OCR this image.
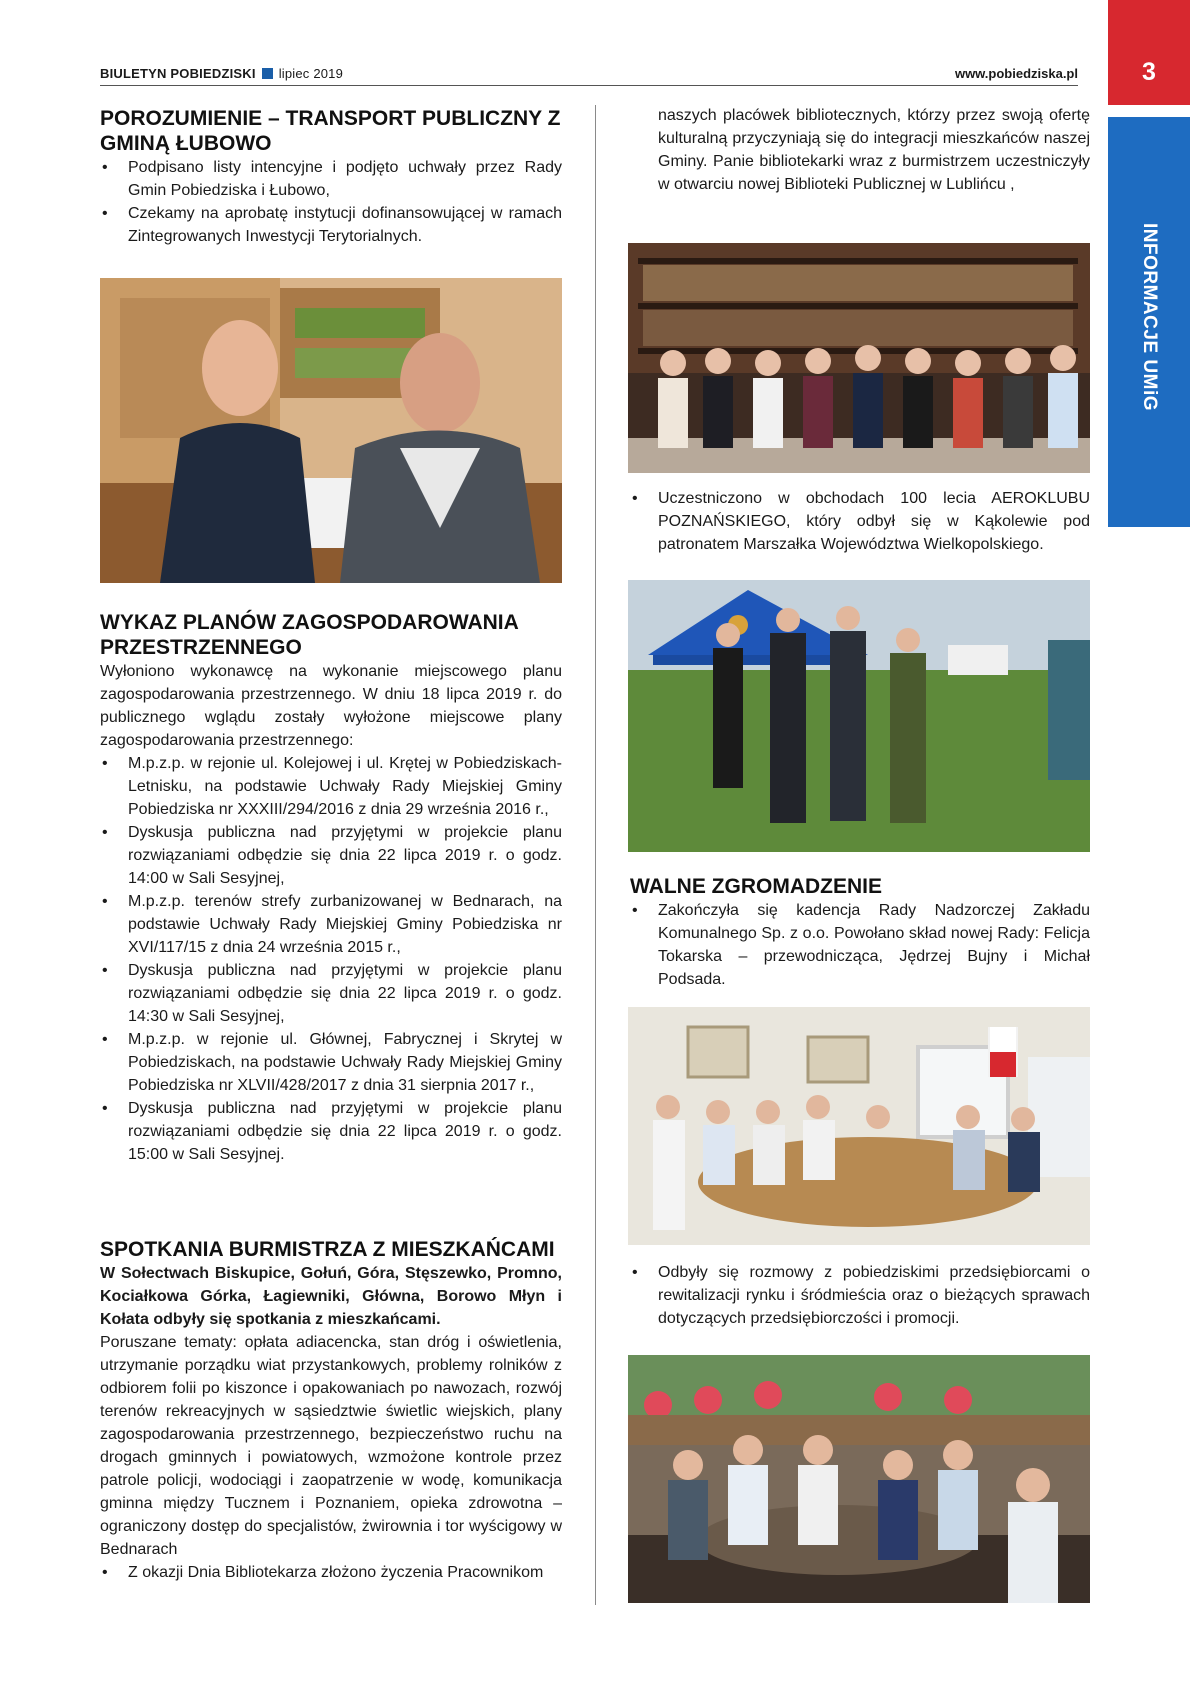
BIULETYN POBIEDZISKI lipiec 2019	www.pobiedziska.pl	3
INFORMACJE UMiG
POROZUMIENIE – TRANSPORT PUBLICZNY Z GMINĄ ŁUBOWO
• Podpisano listy intencyjne i podjęto uchwały przez Rady Gmin Pobiedziska i Łubowo,
• Czekamy na aprobatę instytucji dofinansowującej w ramach Zintegrowanych Inwestycji Terytorialnych.
WYKAZ PLANÓW ZAGOSPODAROWANIA PRZESTRZENNEGO

Wyłoniono wykonawcę na wykonanie miejscowego planu zagospodarowania przestrzennego. W dniu 18 lipca 2019 r. do publicznego wglądu zostały wyłożone miejscowe plany zagospodarowania przestrzennego:

• M.p.z.p. w rejonie ul. Kolejowej i ul. Krętej w Pobiedziskach-Letnisku, na podstawie Uchwały Rady Miejskiej Gminy Pobiedziska nr XXXIII/294/2016 z dnia 29 września 2016 r.,
• Dyskusja publiczna nad przyjętymi w projekcie planu rozwiązaniami odbędzie się dnia 22 lipca 2019 r. o godz. 14:00 w Sali Sesyjnej,
• M.p.z.p. terenów strefy zurbanizowanej w Bednarach, na podstawie Uchwały Rady Miejskiej Gminy Pobiedziska nr XVI/117/15 z dnia 24 września 2015 r.,
• Dyskusja publiczna nad przyjętymi w projekcie planu rozwiązaniami odbędzie się dnia 22 lipca 2019 r. o godz. 14:30 w Sali Sesyjnej,
• M.p.z.p. w rejonie ul. Głównej, Fabrycznej i Skrytej w Pobiedziskach, na podstawie Uchwały Rady Miejskiej Gminy Pobiedziska nr XLVII/428/2017 z dnia 31 sierpnia 2017 r.,
• Dyskusja publiczna nad przyjętymi w projekcie planu rozwiązaniami odbędzie się dnia 22 lipca 2019 r. o godz. 15:00 w Sali Sesyjnej.
SPOTKANIA BURMISTRZA Z MIESZKAŃCAMI

W Sołectwach Biskupice, Gołuń, Góra, Stęszewko, Promno, Kociałkowa Górka, Łagiewniki, Główna, Borowo Młyn i Kołata odbyły się spotkania z mieszkańcami.

Poruszane tematy: opłata adiacencka, stan dróg i oświetlenia, utrzymanie porządku wiat przystankowych, problemy rolników z odbiorem folii po kiszonce i opakowaniach po nawozach, rozwój terenów rekreacyjnych w sąsiedztwie świetlic wiejskich, plany zagospodarowania przestrzennego, bezpieczeństwo ruchu na drogach gminnych i powiatowych, wzmożone kontrole przez patrole policji, wodociągi i zaopatrzenie w wodę, komunikacja gminna między Tucznem i Poznaniem, opieka zdrowotna – ograniczony dostęp do specjalistów, żwirownia i tor wyścigowy w Bednarach

• Z okazji Dnia Bibliotekarza złożono życzenia Pracownikom
naszych placówek bibliotecznych, którzy przez swoją ofertę kulturalną przyczyniają się do integracji mieszkańców naszej Gminy. Panie bibliotekarki wraz z burmistrzem uczestniczyły w otwarciu nowej Biblioteki Publicznej w Lublińcu ,
• Uczestniczono w obchodach 100 lecia AEROKLUBU POZNAŃSKIEGO, który odbył się w Kąkolewie pod patronatem Marszałka Województwa Wielkopolskiego.
WALNE ZGROMADZENIE
• Zakończyła się kadencja Rady Nadzorczej Zakładu Komunalnego Sp. z o.o. Powołano skład nowej Rady: Felicja Tokarska – przewodnicząca, Jędrzej Bujny i Michał Podsada.
• Odbyły się rozmowy z pobiedziskimi przedsiębiorcami o rewitalizacji rynku i śródmieścia oraz o bieżących sprawach dotyczących przedsiębiorczości i promocji.
